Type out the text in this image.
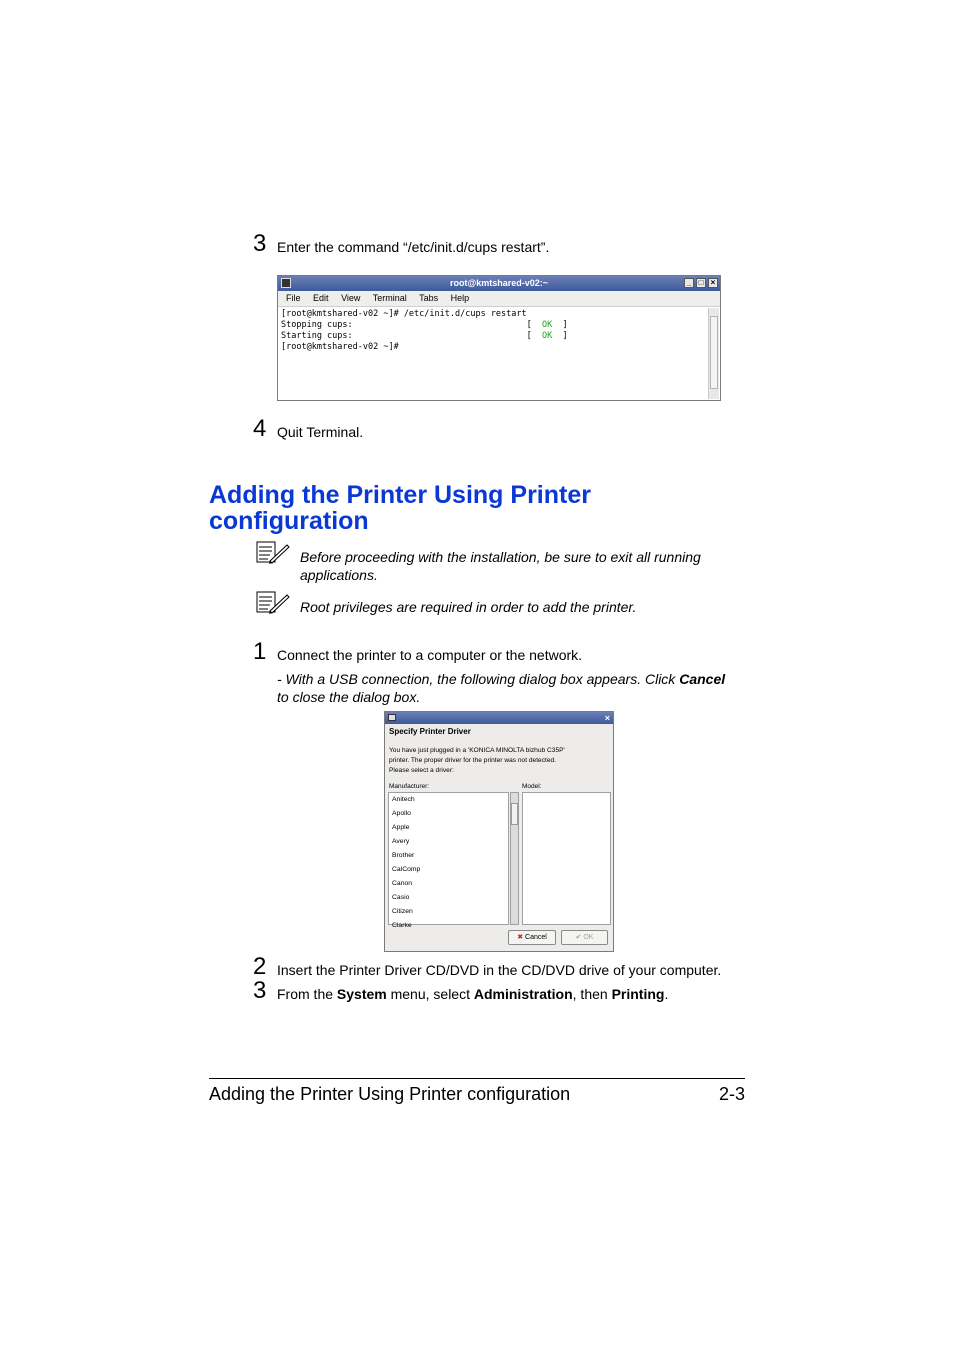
3 Enter the command “/etc/init.d/cups restart”.
root@kmtshared-v02:~	_ □ ×
File Edit View Terminal Tabs Help
[root@kmtshared-v02 ~]# /etc/init.d/cups restart
Stopping cups:                                  [  OK  ]
Starting cups:                                  [  OK  ]
[root@kmtshared-v02 ~]#
4 Quit Terminal.
Adding the Printer Using Printer
configuration
Before proceeding with the installation, be sure to exit all running
applications.
Root privileges are required in order to add the printer.
1 Connect the printer to a computer or the network.
- With a USB connection, the following dialog box appears. Click Cancel
to close the dialog box.
×
Specify Printer Driver
You have just plugged in a 'KONICA MINOLTA bizhub C35P'
printer. The proper driver for the printer was not detected.
Please select a driver:
Manufacturer:	Model:
Anitech
Apollo
Apple
Avery
Brother
CalComp
Canon
Casio
Citizen
Clarke
✖ Cancel	✔ OK
2 Insert the Printer Driver CD/DVD in the CD/DVD drive of your computer.
3 From the System menu, select Administration, then Printing.
Adding the Printer Using Printer configuration	2-3
